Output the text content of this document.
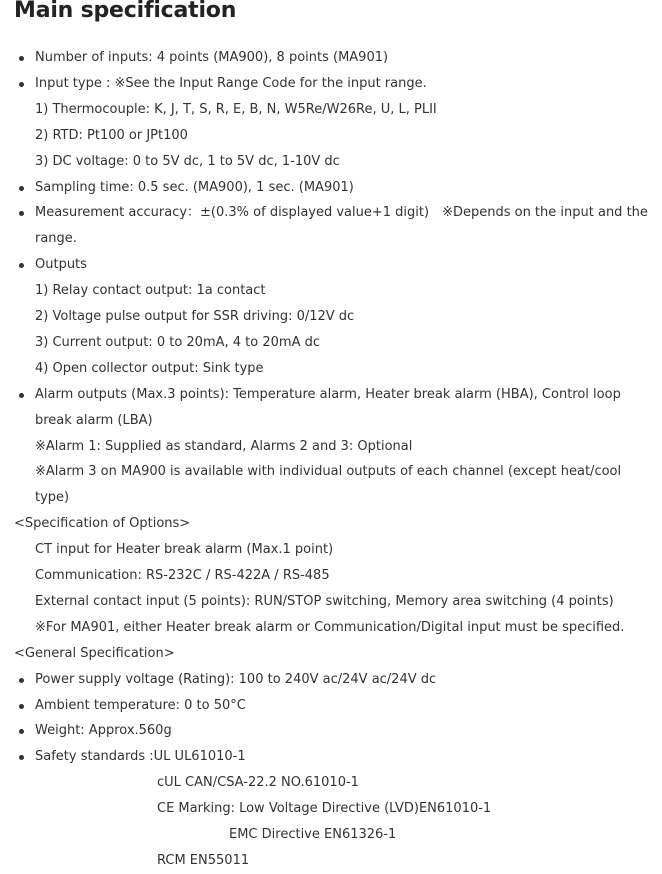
Main specification
Number of inputs: 4 points (MA900), 8 points (MA901)
Input type : ※See the Input Range Code for the input range.
1) Thermocouple: K, J, T, S, R, E, B, N, W5Re/W26Re, U, L, PLII
2) RTD: Pt100 or JPt100
3) DC voltage: 0 to 5V dc, 1 to 5V dc, 1-10V dc
Sampling time: 0.5 sec. (MA900), 1 sec. (MA901)
Measurement accuracy：±(0.3% of displayed value+1 digit)　※Depends on the input and the
range.
Outputs
1) Relay contact output: 1a contact
2) Voltage pulse output for SSR driving: 0/12V dc
3) Current output: 0 to 20mA, 4 to 20mA dc
4) Open collector output: Sink type
Alarm outputs (Max.3 points): Temperature alarm, Heater break alarm (HBA), Control loop
break alarm (LBA)
※Alarm 1: Supplied as standard, Alarms 2 and 3: Optional
※Alarm 3 on MA900 is available with individual outputs of each channel (except heat/cool
type)
<Specification of Options>
CT input for Heater break alarm (Max.1 point)
Communication: RS-232C / RS-422A / RS-485
External contact input (5 points): RUN/STOP switching, Memory area switching (4 points)
※For MA901, either Heater break alarm or Communication/Digital input must be specified.
<General Specification>
Power supply voltage (Rating): 100 to 240V ac/24V ac/24V dc
Ambient temperature: 0 to 50°C
Weight: Approx.560g
Safety standards :UL UL61010-1
cUL CAN/CSA-22.2 NO.61010-1
CE Marking: Low Voltage Directive (LVD)EN61010-1
EMC Directive EN61326-1
RCM EN55011
